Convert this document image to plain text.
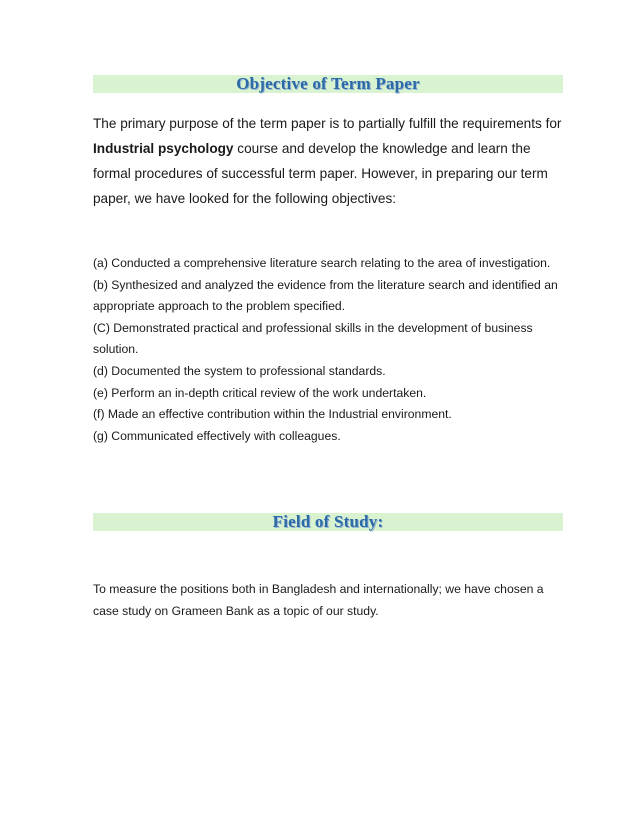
Objective of Term Paper

The primary purpose of the term paper is to partially fulfill the requirements for Industrial psychology course and develop the knowledge and learn the formal procedures of successful term paper. However, in preparing our term paper, we have looked for the following objectives:

(a) Conducted a comprehensive literature search relating to the area of investigation.

(b) Synthesized and analyzed the evidence from the literature search and identified an appropriate approach to the problem specified.

(C) Demonstrated practical and professional skills in the development of business solution.

(d) Documented the system to professional standards.

(e) Perform an in-depth critical review of the work undertaken.

(f) Made an effective contribution within the Industrial environment.

(g) Communicated effectively with colleagues.

Field of Study:

To measure the positions both in Bangladesh and internationally; we have chosen a case study on Grameen Bank as a topic of our study.
